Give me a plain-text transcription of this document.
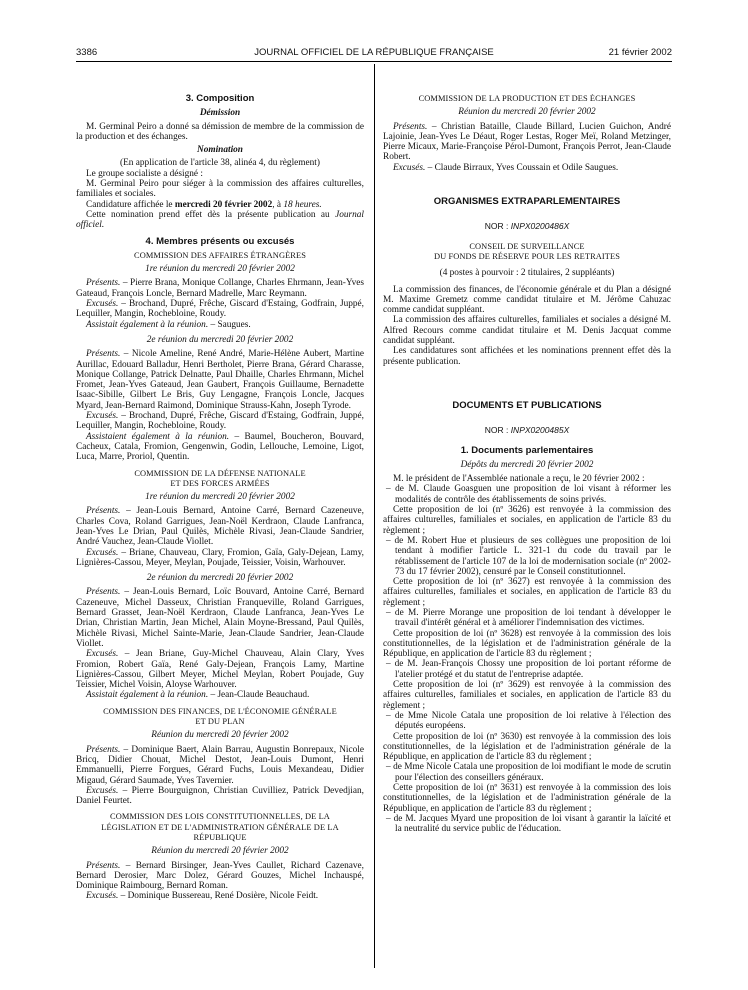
3386	JOURNAL OFFICIEL DE LA RÉPUBLIQUE FRANÇAISE	21 février 2002
3. Composition
Démission

M. Germinal Peiro a donné sa démission de membre de la commission de la production et des échanges.

Nomination

(En application de l'article 38, alinéa 4, du règlement)

Le groupe socialiste a désigné :

M. Germinal Peiro pour siéger à la commission des affaires culturelles, familiales et sociales.

Candidature affichée le mercredi 20 février 2002, à 18 heures.

Cette nomination prend effet dès la présente publication au Journal officiel.

4. Membres présents ou excusés
COMMISSION DES AFFAIRES ÉTRANGÈRES
1re réunion du mercredi 20 février 2002

Présents. – Pierre Brana, Monique Collange, Charles Ehrmann, Jean-Yves Gateaud, François Loncle, Bernard Madrelle, Marc Reymann.

Excusés. – Brochand, Dupré, Frêche, Giscard d'Estaing, Godfrain, Juppé, Lequiller, Mangin, Rochebloine, Roudy.

Assistait également à la réunion. – Saugues.

2e réunion du mercredi 20 février 2002

Présents. – Nicole Ameline, René André, Marie-Hélène Aubert, Martine Aurillac, Edouard Balladur, Henri Bertholet, Pierre Brana, Gérard Charasse, Monique Collange, Patrick Delnatte, Paul Dhaille, Charles Ehrmann, Michel Fromet, Jean-Yves Gateaud, Jean Gaubert, François Guillaume, Bernadette Isaac-Sibille, Gilbert Le Bris, Guy Lengagne, François Loncle, Jacques Myard, Jean-Bernard Raimond, Dominique Strauss-Kahn, Joseph Tyrode.

Excusés. – Brochand, Dupré, Frêche, Giscard d'Estaing, Godfrain, Juppé, Lequiller, Mangin, Rochebloine, Roudy.

Assistaient également à la réunion. – Baumel, Boucheron, Bouvard, Cacheux, Catala, Fromion, Gengenwin, Godin, Lellouche, Lemoine, Ligot, Luca, Marre, Proriol, Quentin.

COMMISSION DE LA DÉFENSE NATIONALE
ET DES FORCES ARMÉES
1re réunion du mercredi 20 février 2002

Présents. – Jean-Louis Bernard, Antoine Carré, Bernard Cazeneuve, Charles Cova, Roland Garrigues, Jean-Noël Kerdraon, Claude Lanfranca, Jean-Yves Le Drian, Paul Quilès, Michèle Rivasi, Jean-Claude Sandrier, André Vauchez, Jean-Claude Viollet.

Excusés. – Briane, Chauveau, Clary, Fromion, Gaïa, Galy-Dejean, Lamy, Lignières-Cassou, Meyer, Meylan, Poujade, Teissier, Voisin, Warhouver.

2e réunion du mercredi 20 février 2002

Présents. – Jean-Louis Bernard, Loïc Bouvard, Antoine Carré, Bernard Cazeneuve, Michel Dasseux, Christian Franqueville, Roland Garrigues, Bernard Grasset, Jean-Noël Kerdraon, Claude Lanfranca, Jean-Yves Le Drian, Christian Martin, Jean Michel, Alain Moyne-Bressand, Paul Quilès, Michèle Rivasi, Michel Sainte-Marie, Jean-Claude Sandrier, Jean-Claude Viollet.

Excusés. – Jean Briane, Guy-Michel Chauveau, Alain Clary, Yves Fromion, Robert Gaïa, René Galy-Dejean, François Lamy, Martine Lignières-Cassou, Gilbert Meyer, Michel Meylan, Robert Poujade, Guy Teissier, Michel Voisin, Aloyse Warhouver.

Assistait également à la réunion. – Jean-Claude Beauchaud.

COMMISSION DES FINANCES, DE L'ÉCONOMIE GÉNÉRALE
ET DU PLAN
Réunion du mercredi 20 février 2002

Présents. – Dominique Baert, Alain Barrau, Augustin Bonrepaux, Nicole Bricq, Didier Chouat, Michel Destot, Jean-Louis Dumont, Henri Emmanuelli, Pierre Forgues, Gérard Fuchs, Louis Mexandeau, Didier Migaud, Gérard Saumade, Yves Tavernier.

Excusés. – Pierre Bourguignon, Christian Cuvilliez, Patrick Devedjian, Daniel Feurtet.

COMMISSION DES LOIS CONSTITUTIONNELLES, DE LA
LÉGISLATION ET DE L'ADMINISTRATION GÉNÉRALE DE LA
RÉPUBLIQUE
Réunion du mercredi 20 février 2002

Présents. – Bernard Birsinger, Jean-Yves Caullet, Richard Cazenave, Bernard Derosier, Marc Dolez, Gérard Gouzes, Michel Inchauspé, Dominique Raimbourg, Bernard Roman.

Excusés. – Dominique Bussereau, René Dosière, Nicole Feidt.

COMMISSION DE LA PRODUCTION ET DES ÉCHANGES
Réunion du mercredi 20 février 2002

Présents. – Christian Bataille, Claude Billard, Lucien Guichon, André Lajoinie, Jean-Yves Le Déaut, Roger Lestas, Roger Meï, Roland Metzinger, Pierre Micaux, Marie-Françoise Pérol-Dumont, François Perrot, Jean-Claude Robert.

Excusés. – Claude Birraux, Yves Coussain et Odile Saugues.

ORGANISMES EXTRAPARLEMENTAIRES
NOR : INPX0200486X
CONSEIL DE SURVEILLANCE
DU FONDS DE RÉSERVE POUR LES RETRAITES

(4 postes à pourvoir : 2 titulaires, 2 suppléants)

La commission des finances, de l'économie générale et du Plan a désigné M. Maxime Gremetz comme candidat titulaire et M. Jérôme Cahuzac comme candidat suppléant.

La commission des affaires culturelles, familiales et sociales a désigné M. Alfred Recours comme candidat titulaire et M. Denis Jacquat comme candidat suppléant.

Les candidatures sont affichées et les nominations prennent effet dès la présente publication.

DOCUMENTS ET PUBLICATIONS
NOR : INPX0200485X
1. Documents parlementaires
Dépôts du mercredi 20 février 2002

M. le président de l'Assemblée nationale a reçu, le 20 février 2002 :

– de M. Claude Goasguen une proposition de loi visant à réformer les modalités de contrôle des établissements de soins privés.

Cette proposition de loi (nº 3626) est renvoyée à la commission des affaires culturelles, familiales et sociales, en application de l'article 83 du règlement ;

– de M. Robert Hue et plusieurs de ses collègues une proposition de loi tendant à modifier l'article L. 321-1 du code du travail par le rétablissement de l'article 107 de la loi de modernisation sociale (nº 2002-73 du 17 février 2002), censuré par le Conseil constitutionnel.

Cette proposition de loi (nº 3627) est renvoyée à la commission des affaires culturelles, familiales et sociales, en application de l'article 83 du règlement ;

– de M. Pierre Morange une proposition de loi tendant à développer le travail d'intérêt général et à améliorer l'indemnisation des victimes.

Cette proposition de loi (nº 3628) est renvoyée à la commission des lois constitutionnelles, de la législation et de l'administration générale de la République, en application de l'article 83 du règlement ;

– de M. Jean-François Chossy une proposition de loi portant réforme de l'atelier protégé et du statut de l'entreprise adaptée.

Cette proposition de loi (nº 3629) est renvoyée à la commission des affaires culturelles, familiales et sociales, en application de l'article 83 du règlement ;

– de Mme Nicole Catala une proposition de loi relative à l'élection des députés européens.

Cette proposition de loi (nº 3630) est renvoyée à la commission des lois constitutionnelles, de la législation et de l'administration générale de la République, en application de l'article 83 du règlement ;

– de Mme Nicole Catala une proposition de loi modifiant le mode de scrutin pour l'élection des conseillers généraux.

Cette proposition de loi (nº 3631) est renvoyée à la commission des lois constitutionnelles, de la législation et de l'administration générale de la République, en application de l'article 83 du règlement ;

– de M. Jacques Myard une proposition de loi visant à garantir la laïcité et la neutralité du service public de l'éducation.
